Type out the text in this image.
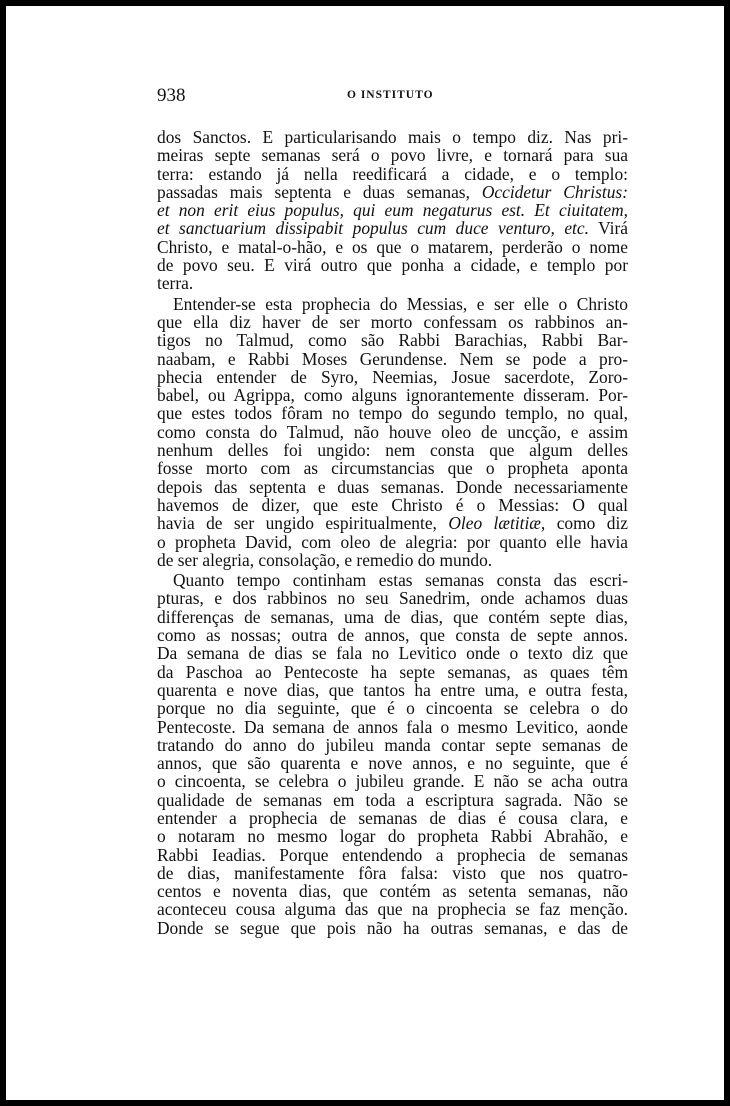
938	O INSTITUTO
dos Sanctos. E particularisando mais o tempo diz. Nas pri-
meiras septe semanas será o povo livre, e tornará para sua
terra: estando já nella reedificará a cidade, e o templo:
passadas mais septenta e duas semanas, Occidetur Christus:
et non erit eius populus, qui eum negaturus est. Et ciuitatem,
et sanctuarium dissipabit populus cum duce venturo, etc. Virá
Christo, e matal-o-hão, e os que o matarem, perderão o nome
de povo seu. E virá outro que ponha a cidade, e templo por
terra.
Entender-se esta prophecia do Messias, e ser elle o Christo
que ella diz haver de ser morto confessam os rabbinos an-
tigos no Talmud, como são Rabbi Barachias, Rabbi Bar-
naabam, e Rabbi Moses Gerundense. Nem se pode a pro-
phecia entender de Syro, Neemias, Josue sacerdote, Zoro-
babel, ou Agrippa, como alguns ignorantemente disseram. Por-
que estes todos fôram no tempo do segundo templo, no qual,
como consta do Talmud, não houve oleo de uncção, e assim
nenhum delles foi ungido: nem consta que algum delles
fosse morto com as circumstancias que o propheta aponta
depois das septenta e duas semanas. Donde necessariamente
havemos de dizer, que este Christo é o Messias: O qual
havia de ser ungido espiritualmente, Oleo lætitiæ, como diz
o propheta David, com oleo de alegria: por quanto elle havia
de ser alegria, consolação, e remedio do mundo.
Quanto tempo continham estas semanas consta das escri-
pturas, e dos rabbinos no seu Sanedrim, onde achamos duas
differenças de semanas, uma de dias, que contém septe dias,
como as nossas; outra de annos, que consta de septe annos.
Da semana de dias se fala no Levitico onde o texto diz que
da Paschoa ao Pentecoste ha septe semanas, as quaes têm
quarenta e nove dias, que tantos ha entre uma, e outra festa,
porque no dia seguinte, que é o cincoenta se celebra o do
Pentecoste. Da semana de annos fala o mesmo Levitico, aonde
tratando do anno do jubileu manda contar septe semanas de
annos, que são quarenta e nove annos, e no seguinte, que é
o cincoenta, se celebra o jubileu grande. E não se acha outra
qualidade de semanas em toda a escriptura sagrada. Não se
entender a prophecia de semanas de dias é cousa clara, e
o notaram no mesmo logar do propheta Rabbi Abrahão, e
Rabbi Ieadias. Porque entendendo a prophecia de semanas
de dias, manifestamente fôra falsa: visto que nos quatro-
centos e noventa dias, que contém as setenta semanas, não
aconteceu cousa alguma das que na prophecia se faz menção.
Donde se segue que pois não ha outras semanas, e das de
